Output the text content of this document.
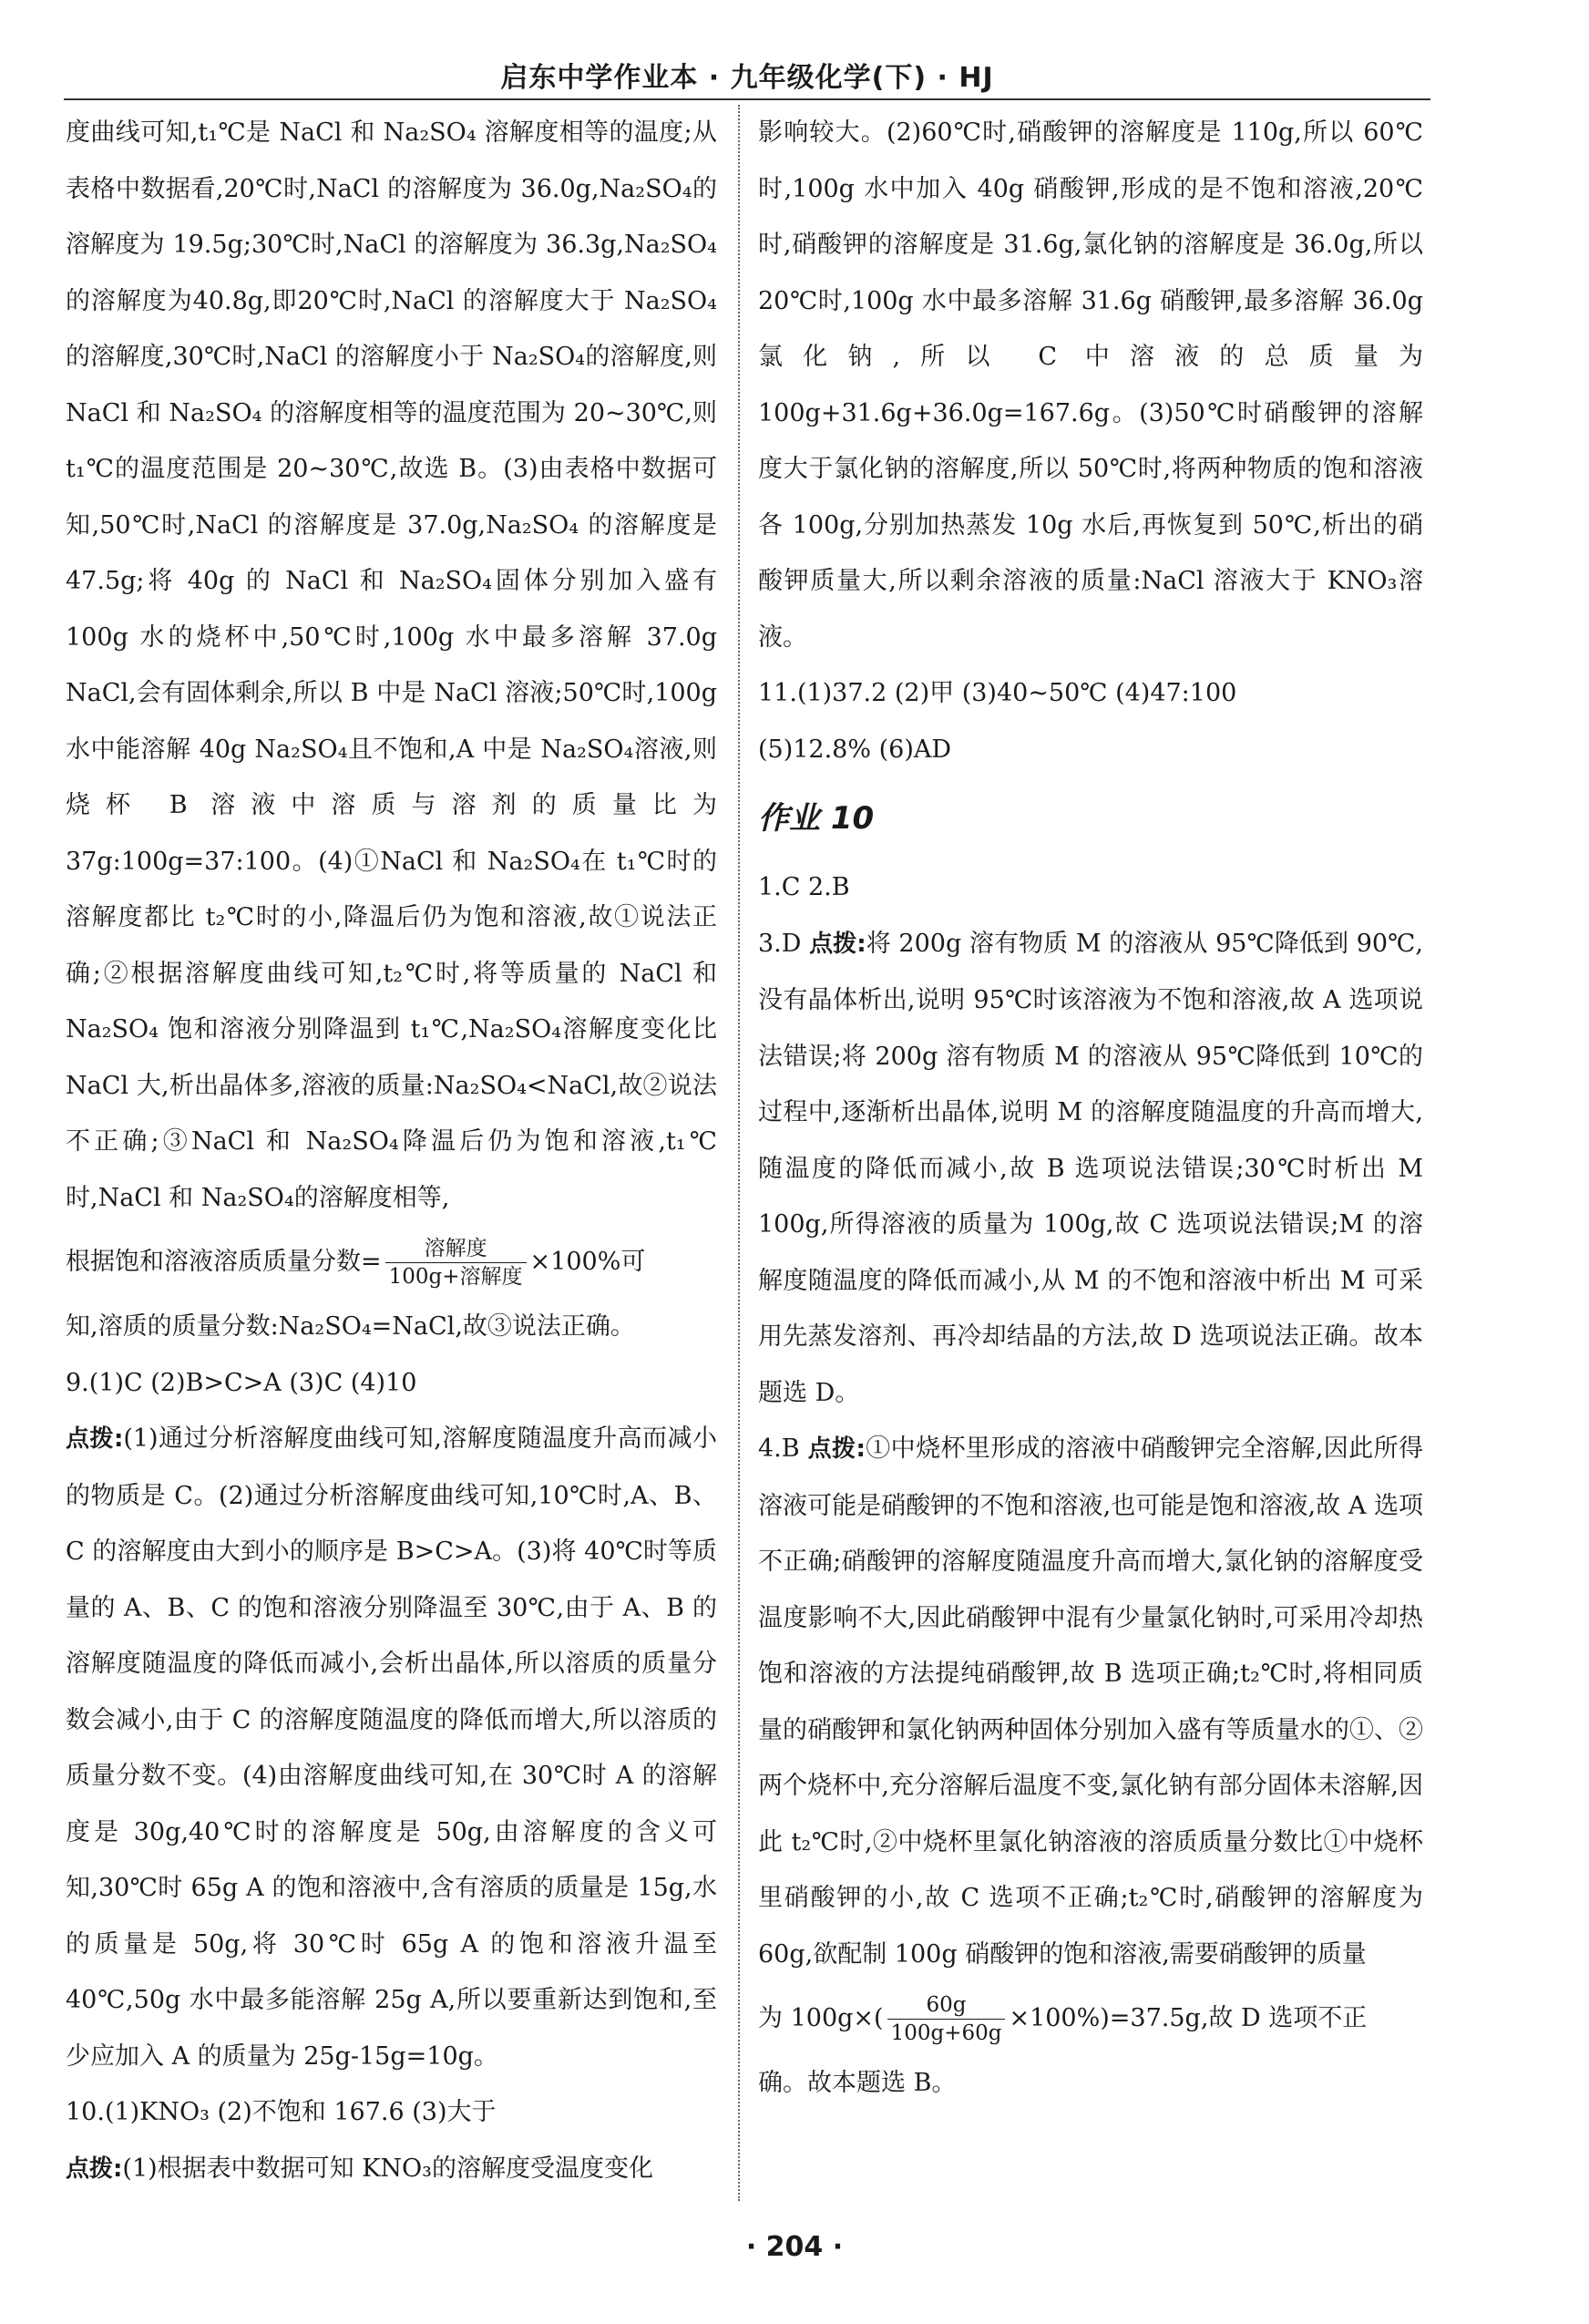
启东中学作业本 · 九年级化学(下) · HJ
度曲线可知,t₁℃是 NaCl 和 Na₂SO₄ 溶解度相等的温度;从表格中数据看,20℃时,NaCl 的溶解度为 36.0g,Na₂SO₄的溶解度为 19.5g;30℃时,NaCl 的溶解度为 36.3g,Na₂SO₄的溶解度为40.8g,即20℃时,NaCl 的溶解度大于 Na₂SO₄ 的溶解度,30℃时,NaCl 的溶解度小于 Na₂SO₄的溶解度,则 NaCl 和 Na₂SO₄ 的溶解度相等的温度范围为 20~30℃,则 t₁℃的温度范围是 20~30℃,故选 B。(3)由表格中数据可知,50℃时,NaCl 的溶解度是 37.0g,Na₂SO₄ 的溶解度是 47.5g;将 40g 的 NaCl 和 Na₂SO₄固体分别加入盛有 100g 水的烧杯中,50℃时,100g 水中最多溶解 37.0g NaCl,会有固体剩余,所以 B 中是 NaCl 溶液;50℃时,100g 水中能溶解 40g Na₂SO₄且不饱和,A 中是 Na₂SO₄溶液,则烧杯 B 溶液中溶质与溶剂的质量比为 37g:100g=37:100。(4)①NaCl 和 Na₂SO₄在 t₁℃时的溶解度都比 t₂℃时的小,降温后仍为饱和溶液,故①说法正确;②根据溶解度曲线可知,t₂℃时,将等质量的 NaCl 和 Na₂SO₄ 饱和溶液分别降温到 t₁℃,Na₂SO₄溶解度变化比 NaCl 大,析出晶体多,溶液的质量:Na₂SO₄<NaCl,故②说法不正确;③NaCl 和 Na₂SO₄降温后仍为饱和溶液,t₁℃时,NaCl 和 Na₂SO₄的溶解度相等,
根据饱和溶液溶质质量分数= $\frac{\text{溶解度}}{\text{100g+溶解度}} \times 100\%$可
知,溶质的质量分数:Na₂SO₄=NaCl,故③说法正确。
9.(1)C (2)B>C>A (3)C (4)10
点拨:(1)通过分析溶解度曲线可知,溶解度随温度升高而减小的物质是 C。(2)通过分析溶解度曲线可知,10℃时,A、B、C 的溶解度由大到小的顺序是 B>C>A。(3)将 40℃时等质量的 A、B、C 的饱和溶液分别降温至 30℃,由于 A、B 的溶解度随温度的降低而减小,会析出晶体,所以溶质的质量分数会减小,由于 C 的溶解度随温度的降低而增大,所以溶质的质量分数不变。(4)由溶解度曲线可知,在 30℃时 A 的溶解度是 30g,40℃时的溶解度是 50g,由溶解度的含义可知,30℃时 65g A 的饱和溶液中,含有溶质的质量是 15g,水的质量是 50g,将 30℃时 65g A 的饱和溶液升温至 40℃,50g 水中最多能溶解 25g A,所以要重新达到饱和,至少应加入 A 的质量为 25g-15g=10g。
10.(1)KNO₃ (2)不饱和 167.6 (3)大于
点拨:(1)根据表中数据可知 KNO₃的溶解度受温度变化
影响较大。(2)60℃时,硝酸钾的溶解度是 110g,所以 60℃时,100g 水中加入 40g 硝酸钾,形成的是不饱和溶液,20℃时,硝酸钾的溶解度是 31.6g,氯化钠的溶解度是 36.0g,所以 20℃时,100g 水中最多溶解 31.6g 硝酸钾,最多溶解 36.0g 氯化钠,所以 C 中溶液的总质量为 100g+31.6g+36.0g=167.6g。(3)50℃时硝酸钾的溶解度大于氯化钠的溶解度,所以 50℃时,将两种物质的饱和溶液各 100g,分别加热蒸发 10g 水后,再恢复到 50℃,析出的硝酸钾质量大,所以剩余溶液的质量:NaCl 溶液大于 KNO₃溶液。
11.(1)37.2 (2)甲 (3)40~50℃ (4)47:100
(5)12.8% (6)AD
作业 10
1.C 2.B
3.D 点拨:将 200g 溶有物质 M 的溶液从 95℃降低到 90℃,没有晶体析出,说明 95℃时该溶液为不饱和溶液,故 A 选项说法错误;将 200g 溶有物质 M 的溶液从 95℃降低到 10℃的过程中,逐渐析出晶体,说明 M 的溶解度随温度的升高而增大,随温度的降低而减小,故 B 选项说法错误;30℃时析出 M 100g,所得溶液的质量为 100g,故 C 选项说法错误;M 的溶解度随温度的降低而减小,从 M 的不饱和溶液中析出 M 可采用先蒸发溶剂、再冷却结晶的方法,故 D 选项说法正确。故本题选 D。
4.B 点拨:①中烧杯里形成的溶液中硝酸钾完全溶解,因此所得溶液可能是硝酸钾的不饱和溶液,也可能是饱和溶液,故 A 选项不正确;硝酸钾的溶解度随温度升高而增大,氯化钠的溶解度受温度影响不大,因此硝酸钾中混有少量氯化钠时,可采用冷却热饱和溶液的方法提纯硝酸钾,故 B 选项正确;t₂℃时,将相同质量的硝酸钾和氯化钠两种固体分别加入盛有等质量水的①、②两个烧杯中,充分溶解后温度不变,氯化钠有部分固体未溶解,因此 t₂℃时,②中烧杯里氯化钠溶液的溶质质量分数比①中烧杯里硝酸钾的小,故 C 选项不正确;t₂℃时,硝酸钾的溶解度为 60g,欲配制 100g 硝酸钾的饱和溶液,需要硝酸钾的质量
为 $100g\times( \frac{60g}{100g+60g} \times 100\%)=37.5g$,故 D 选项不正
确。故本题选 B。
· 204 ·
